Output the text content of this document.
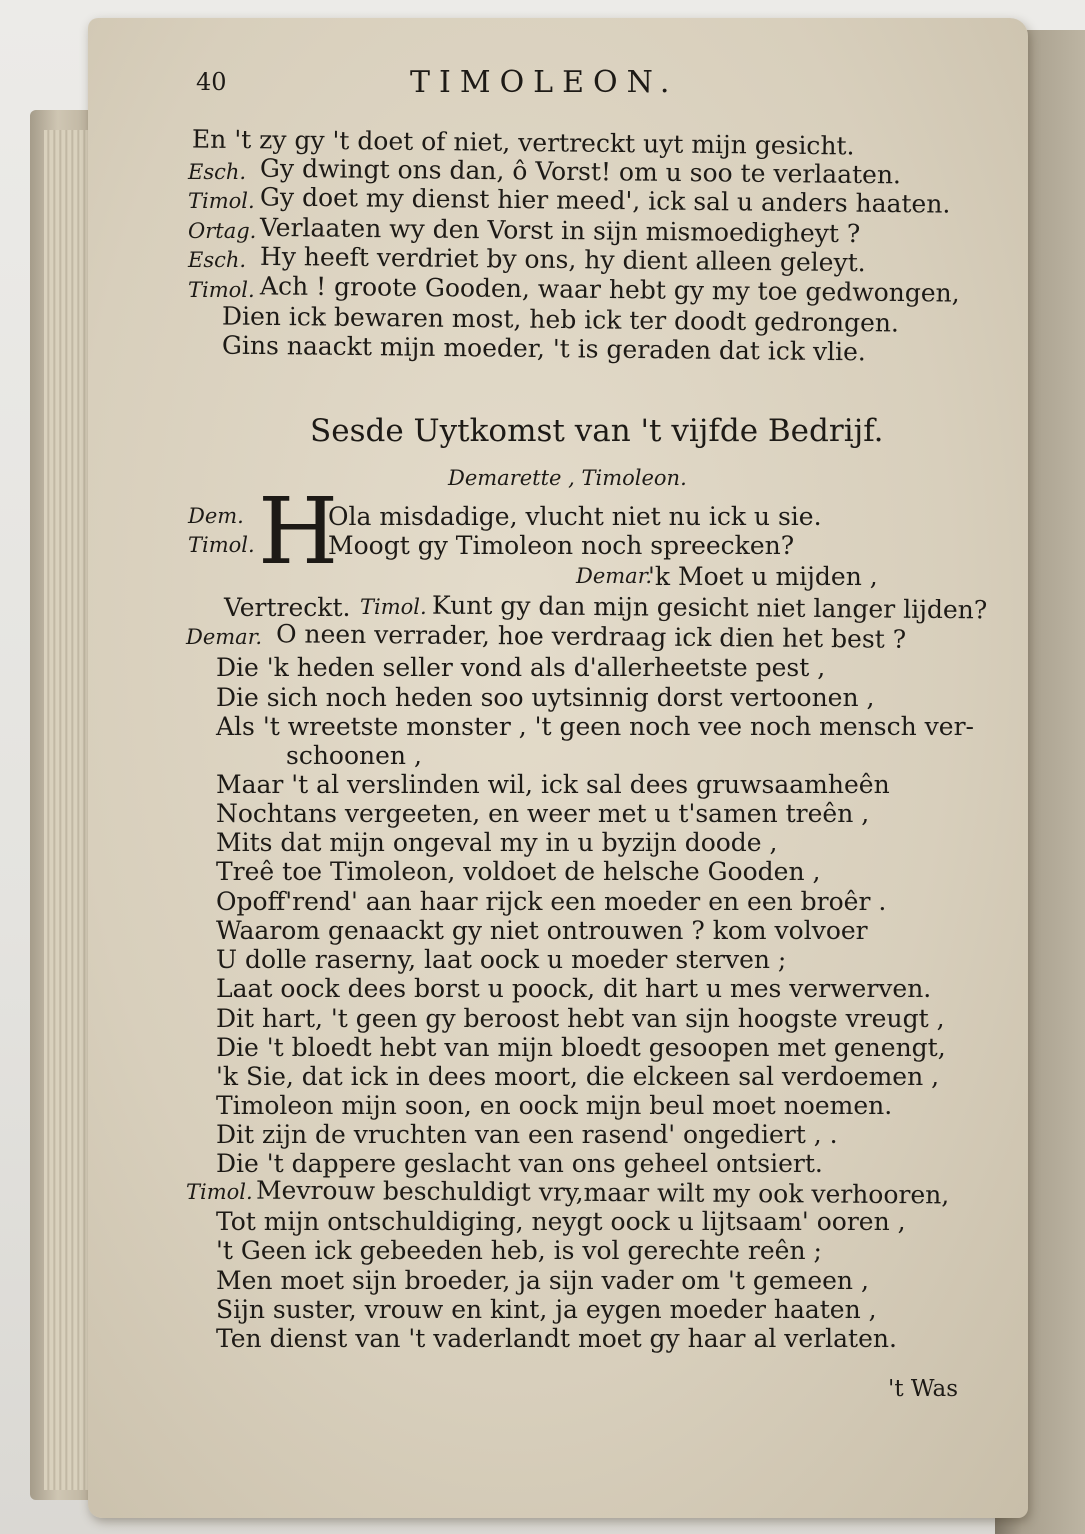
40	TIMOLEON.
En 't zy gy 't doet of niet, vertreckt uyt mijn gesicht.
Esch. Gy dwingt ons dan, ô Vorst! om u soo te verlaaten.
Timol. Gy doet my dienst hier meed', ick sal u anders haaten.
Ortag. Verlaaten wy den Vorst in sijn mismoedigheyt ?
Esch. Hy heeft verdriet by ons, hy dient alleen geleyt.
Timol. Ach ! groote Gooden, waar hebt gy my toe gedwongen,
Dien ick bewaren most, heb ick ter doodt gedrongen.
Gins naackt mijn moeder, 't is geraden dat ick vlie.
Sesde Uytkomst van 't vijfde Bedrijf.
Demarette , Timoleon.
H
Dem.	Ola misdadige, vlucht niet nu ick u sie.
Timol.	Moogt gy Timoleon noch spreecken?
Demar.
'k Moet u mijden ,
Vertreckt. Timol. Kunt gy dan mijn gesicht niet langer lijden?
Demar. O neen verrader, hoe verdraag ick dien het best ?
Die 'k heden seller vond als d'allerheetste pest ,
Die sich noch heden soo uytsinnig dorst vertoonen ,
Als 't wreetste monster , 't geen noch vee noch mensch ver-
schoonen ,
Maar 't al verslinden wil, ick sal dees gruwsaamheên
Nochtans vergeeten, en weer met u t'samen treên ,
Mits dat mijn ongeval my in u byzijn doode ,
Treê toe Timoleon, voldoet de helsche Gooden ,
Opoff'rend' aan haar rijck een moeder en een broêr .
Waarom genaackt gy niet ontrouwen ? kom volvoer
U dolle raserny, laat oock u moeder sterven ;
Laat oock dees borst u poock, dit hart u mes verwerven.
Dit hart, 't geen gy beroost hebt van sijn hoogste vreugt ,
Die 't bloedt hebt van mijn bloedt gesoopen met genengt,
'k Sie, dat ick in dees moort, die elckeen sal verdoemen ,
Timoleon mijn soon, en oock mijn beul moet noemen.
Dit zijn de vruchten van een rasend' ongediert , .
Die 't dappere geslacht van ons geheel ontsiert.
Timol. Mevrouw beschuldigt vry,maar wilt my ook verhooren,
Tot mijn ontschuldiging, neygt oock u lijtsaam' ooren ,
't Geen ick gebeeden heb, is vol gerechte reên ;
Men moet sijn broeder, ja sijn vader om 't gemeen ,
Sijn suster, vrouw en kint, ja eygen moeder haaten ,
Ten dienst van 't vaderlandt moet gy haar al verlaten.
't Was
